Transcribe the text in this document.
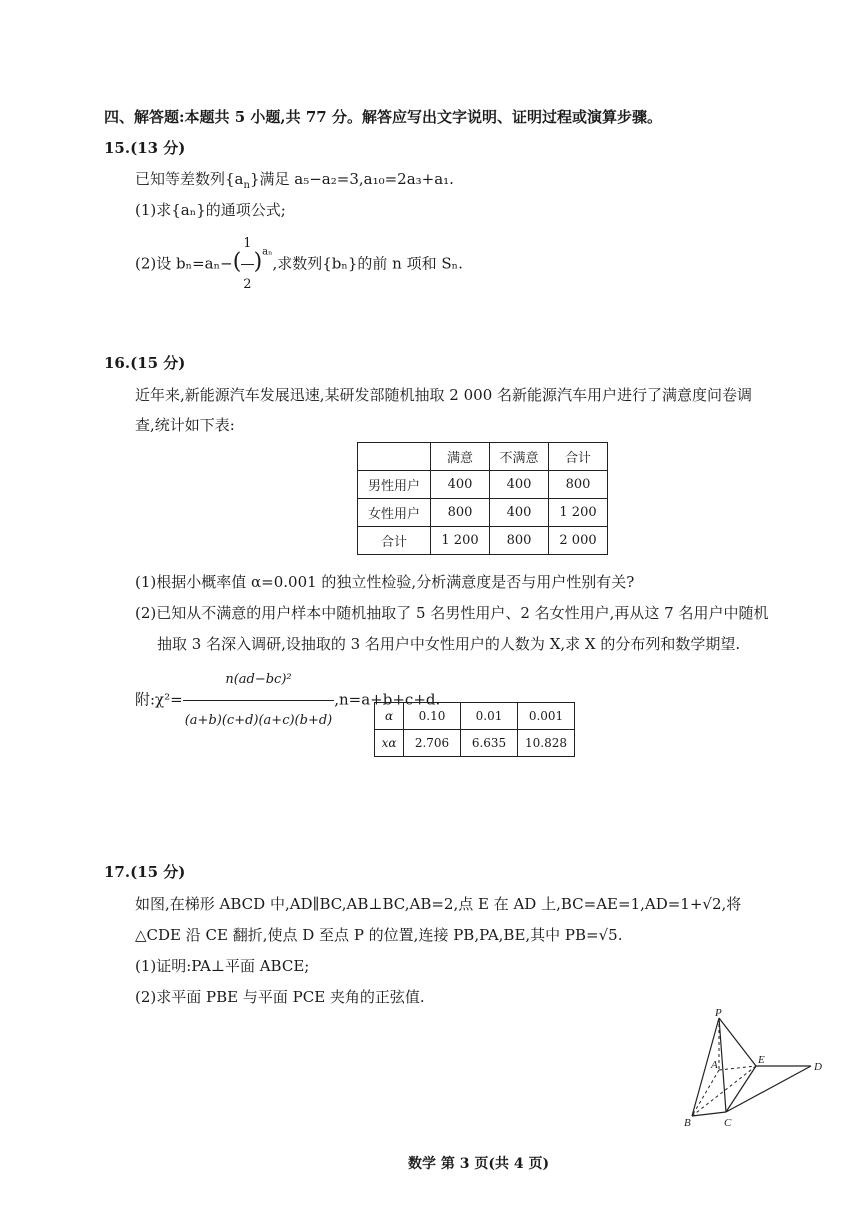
四、解答题:本题共 5 小题,共 77 分。解答应写出文字说明、证明过程或演算步骤。
15.(13 分)
已知等差数列$\{a_n\}$满足 a₅−a₂=3,a₁₀=2a₃+a₁.
(1)求{aₙ}的通项公式;
(2)设 $b_n=a_n-( \frac{1}{2} )^{a_n}$,求数列{bₙ}的前 n 项和 Sₙ.
16.(15 分)
近年来,新能源汽车发展迅速,某研发部随机抽取 2 000 名新能源汽车用户进行了满意度问卷调
查,统计如下表:
	满意	不满意	合计
男性用户	400	400	800
女性用户	800	400	1 200
合计	1 200	800	2 000
(1)根据小概率值 α=0.001 的独立性检验,分析满意度是否与用户性别有关?
(2)已知从不满意的用户样本中随机抽取了 5 名男性用户、2 名女性用户,再从这 7 名用户中随机
抽取 3 名深入调研,设抽取的 3 名用户中女性用户的人数为 X,求 X 的分布列和数学期望.
附:χ²= $\frac{\text{n(ad−bc)²}}{(a+b)(c+d)(a+c)(b+d)} ,n=a+b+c+d$.
α	0.10	0.01	0.001
xα	2.706	6.635	10.828
17.(15 分)
如图,在梯形 ABCD 中,AD∥BC,AB⊥BC,AB=2,点 E 在 AD 上,BC=AE=1,AD=1+√2,将
△CDE 沿 CE 翻折,使点 D 至点 P 的位置,连接 PB,PA,BE,其中 PB=√5.
(1)证明:PA⊥平面 ABCE;
(2)求平面 PBE 与平面 PCE 夹角的正弦值.
P
A	E
D
B	C
数学 第 3 页(共 4 页)
